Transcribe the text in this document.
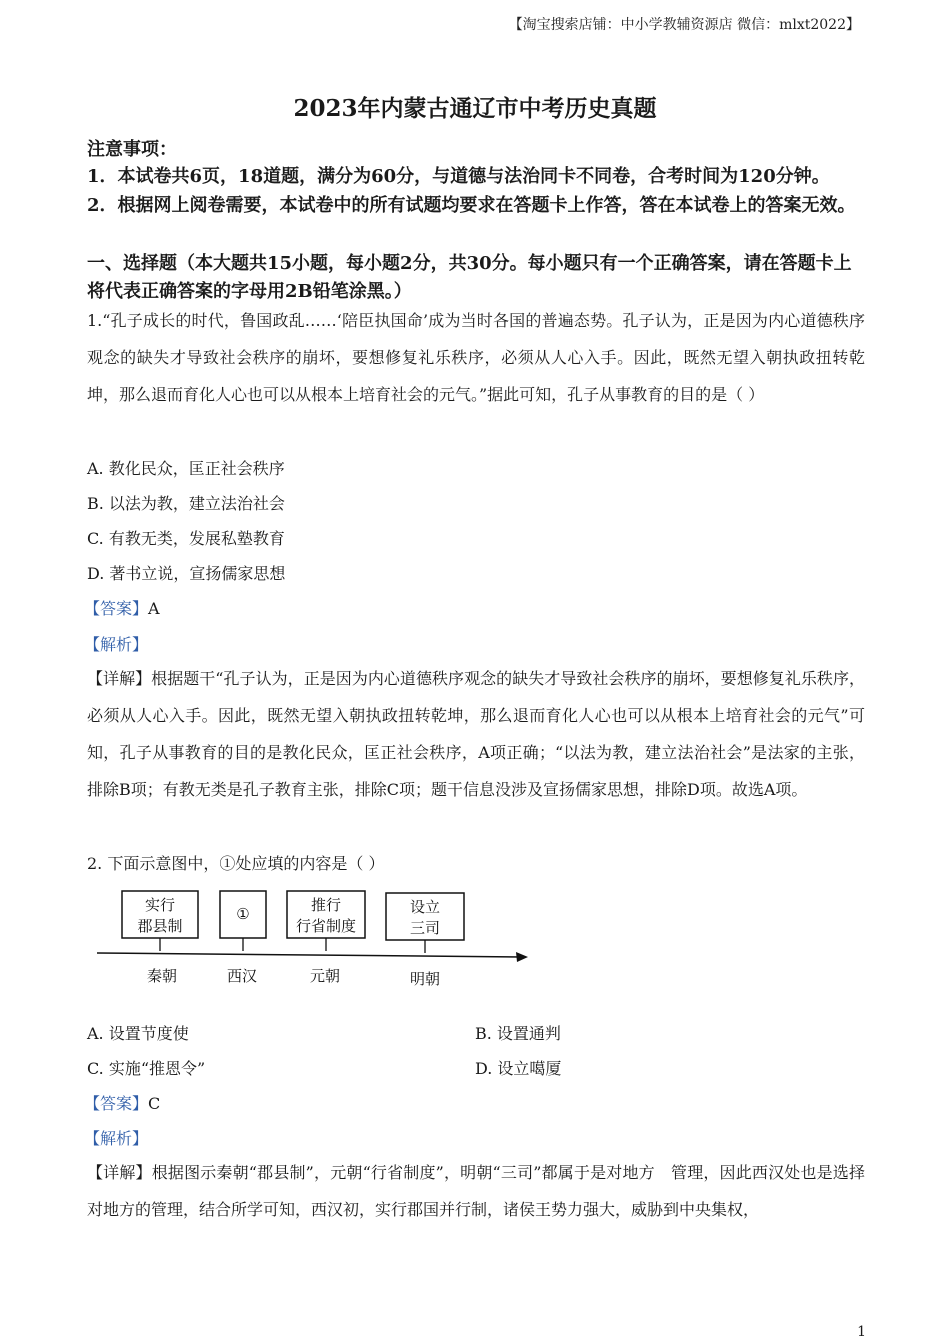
【淘宝搜索店铺：中小学教辅资源店 微信：mlxt2022】
2023年内蒙古通辽市中考历史真题
注意事项：
1．本试卷共6页，18道题，满分为60分，与道德与法治同卡不同卷，合考时间为120分钟。
2．根据网上阅卷需要，本试卷中的所有试题均要求在答题卡上作答，答在本试卷上的答案无效。
一、选择题（本大题共15小题，每小题2分，共30分。每小题只有一个正确答案，请在答题卡上将代表正确答案的字母用2B铅笔涂黑。）
1.“孔子成长的时代，鲁国政乱……‘陪臣执国命’成为当时各国的普遍态势。孔子认为，正是因为内心道德秩序观念的缺失才导致社会秩序的崩坏，要想修复礼乐秩序，必须从人心入手。因此，既然无望入朝执政扭转乾坤，那么退而育化人心也可以从根本上培育社会的元气。”据此可知，孔子从事教育的目的是（ ）
A. 教化民众，匡正社会秩序
B. 以法为教，建立法治社会
C. 有教无类，发展私塾教育
D. 著书立说，宣扬儒家思想
【答案】A
【解析】
【详解】根据题干“孔子认为，正是因为内心道德秩序观念的缺失才导致社会秩序的崩坏，要想修复礼乐秩序，必须从人心入手。因此，既然无望入朝执政扭转乾坤，那么退而育化人心也可以从根本上培育社会的元气”可知，孔子从事教育的目的是教化民众，匡正社会秩序，A项正确；“以法为教，建立法治社会”是法家的主张，排除B项；有教无类是孔子教育主张，排除C项；题干信息没涉及宣扬儒家思想，排除D项。故选A项。
2. 下面示意图中，①处应填的内容是（ ）
实行
郡县制
①	推行
行省制度
设立
三司
秦朝	西汉	元朝	明朝
A. 设置节度使	B. 设置通判
C. 实施“推恩令”	D. 设立噶厦
【答案】C
【解析】
【详解】根据图示秦朝“郡县制”，元朝“行省制度”，明朝“三司”都属于是对地方　管理，因此西汉处也是选择对地方的管理，结合所学可知，西汉初，实行郡国并行制，诸侯王势力强大，威胁到中央集权，
1
